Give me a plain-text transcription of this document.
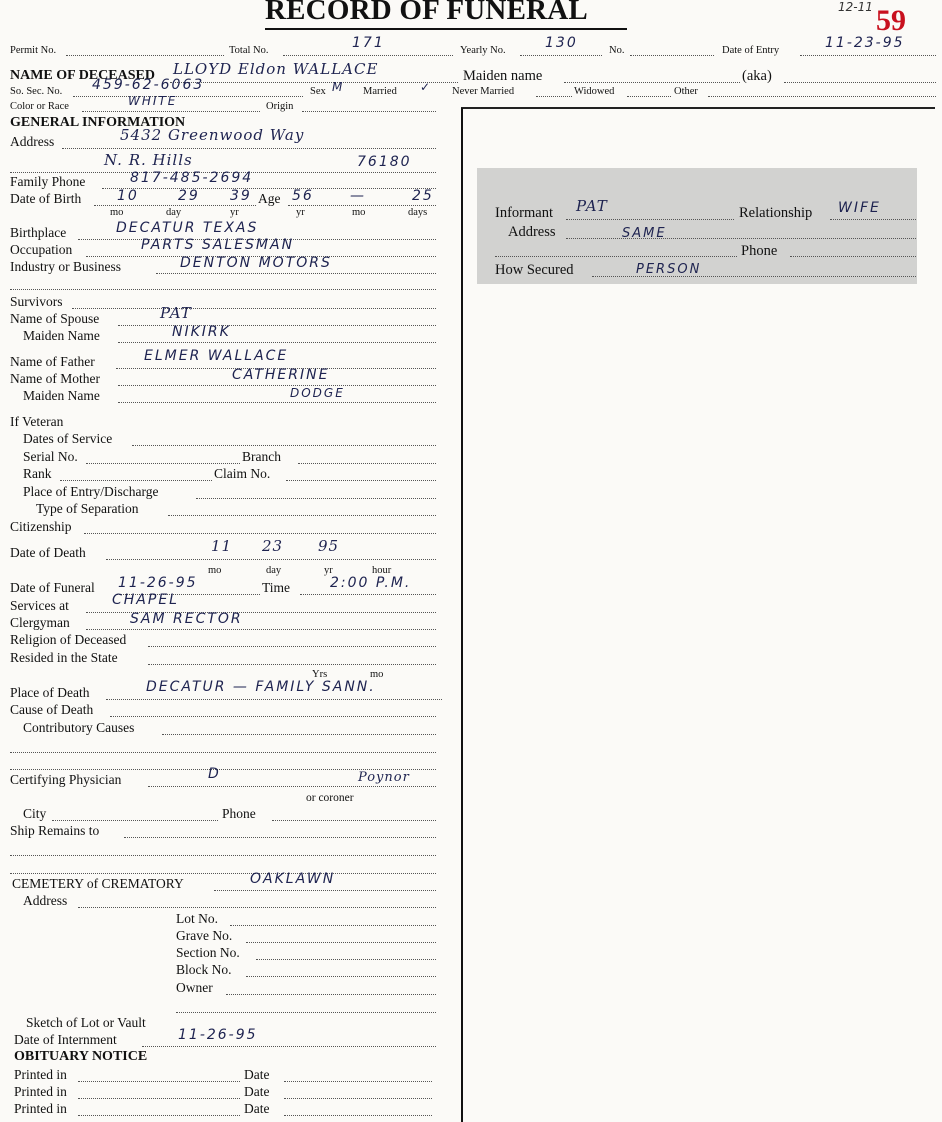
RECORD OF FUNERAL	12-11 59
Permit No.	Total No.	171	Yearly No.	130	No.	Date of Entry	11-23-95
NAME OF DECEASED LLOYD Eldon WALLACE	Maiden name	(aka)
So. Sec. No. 459-62-6063	Sex M Married ✓ Never Married	Widowed	Other
Color or Race	WHITE	Origin
GENERAL INFORMATION
Address	5432 Greenwood Way
N. R. Hills	76180
Family Phone	817-485-2694
Date of Birth	10	29 39 Age 56	—	25
mo	day	yr	yr	mo	days
Birthplace	DECATUR TEXAS
Occupation	PARTS SALESMAN
Industry or Business	DENTON MOTORS
Survivors
Name of Spouse	PAT
Maiden Name	NIKIRK
Name of Father	ELMER WALLACE
Name of Mother	CATHERINE
Maiden Name	DODGE
If Veteran
Dates of Service
Serial No.	Branch
Rank	Claim No.
Place of Entry/Discharge
Type of Separation
Citizenship
Date of Death	11 23 95
mo	day	yr	hour
Date of Funeral 11-26-95	Time	2:00 P.M.
Services at	CHAPEL
Clergyman	SAM RECTOR
Religion of Deceased
Resided in the State
Yrs	mo
Place of Death	DECATUR — FAMILY SANN.
Cause of Death
Contributory Causes
Certifying Physician	D	Poynor
or coroner
City	Phone
Ship Remains to
CEMETERY of CREMATORY	OAKLAWN
Address
Lot No.
Grave No.
Section No.
Block No.
Owner
Sketch of Lot or Vault
Date of Internment	11-26-95
OBITUARY NOTICE
Printed in	Date
Printed in	Date
Printed in	Date
Informant PAT	Relationship WIFE
Address	SAME
Phone
How Secured	PERSON
